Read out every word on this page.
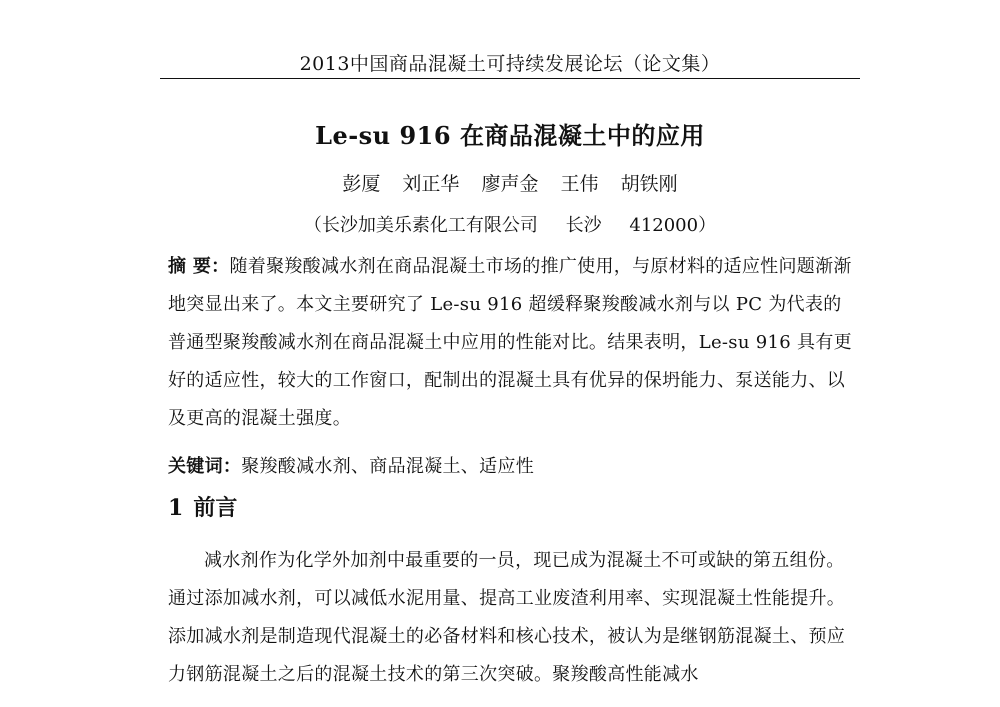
2013中国商品混凝土可持续发展论坛（论文集）
Le-su 916 在商品混凝土中的应用
彭厦 刘正华 廖声金 王伟 胡铁刚
（长沙加美乐素化工有限公司 长沙 412000）
摘 要：随着聚羧酸减水剂在商品混凝土市场的推广使用，与原材料的适应性问题渐渐地突显出来了。本文主要研究了 Le-su 916 超缓释聚羧酸减水剂与以 PC 为代表的普通型聚羧酸减水剂在商品混凝土中应用的性能对比。结果表明，Le-su 916 具有更好的适应性，较大的工作窗口，配制出的混凝土具有优异的保坍能力、泵送能力、以及更高的混凝土强度。
关键词：聚羧酸减水剂、商品混凝土、适应性
1 前言
减水剂作为化学外加剂中最重要的一员，现已成为混凝土不可或缺的第五组份。通过添加减水剂，可以减低水泥用量、提高工业废渣利用率、实现混凝土性能提升。添加减水剂是制造现代混凝土的必备材料和核心技术，被认为是继钢筋混凝土、预应力钢筋混凝土之后的混凝土技术的第三次突破。聚羧酸高性能减水
